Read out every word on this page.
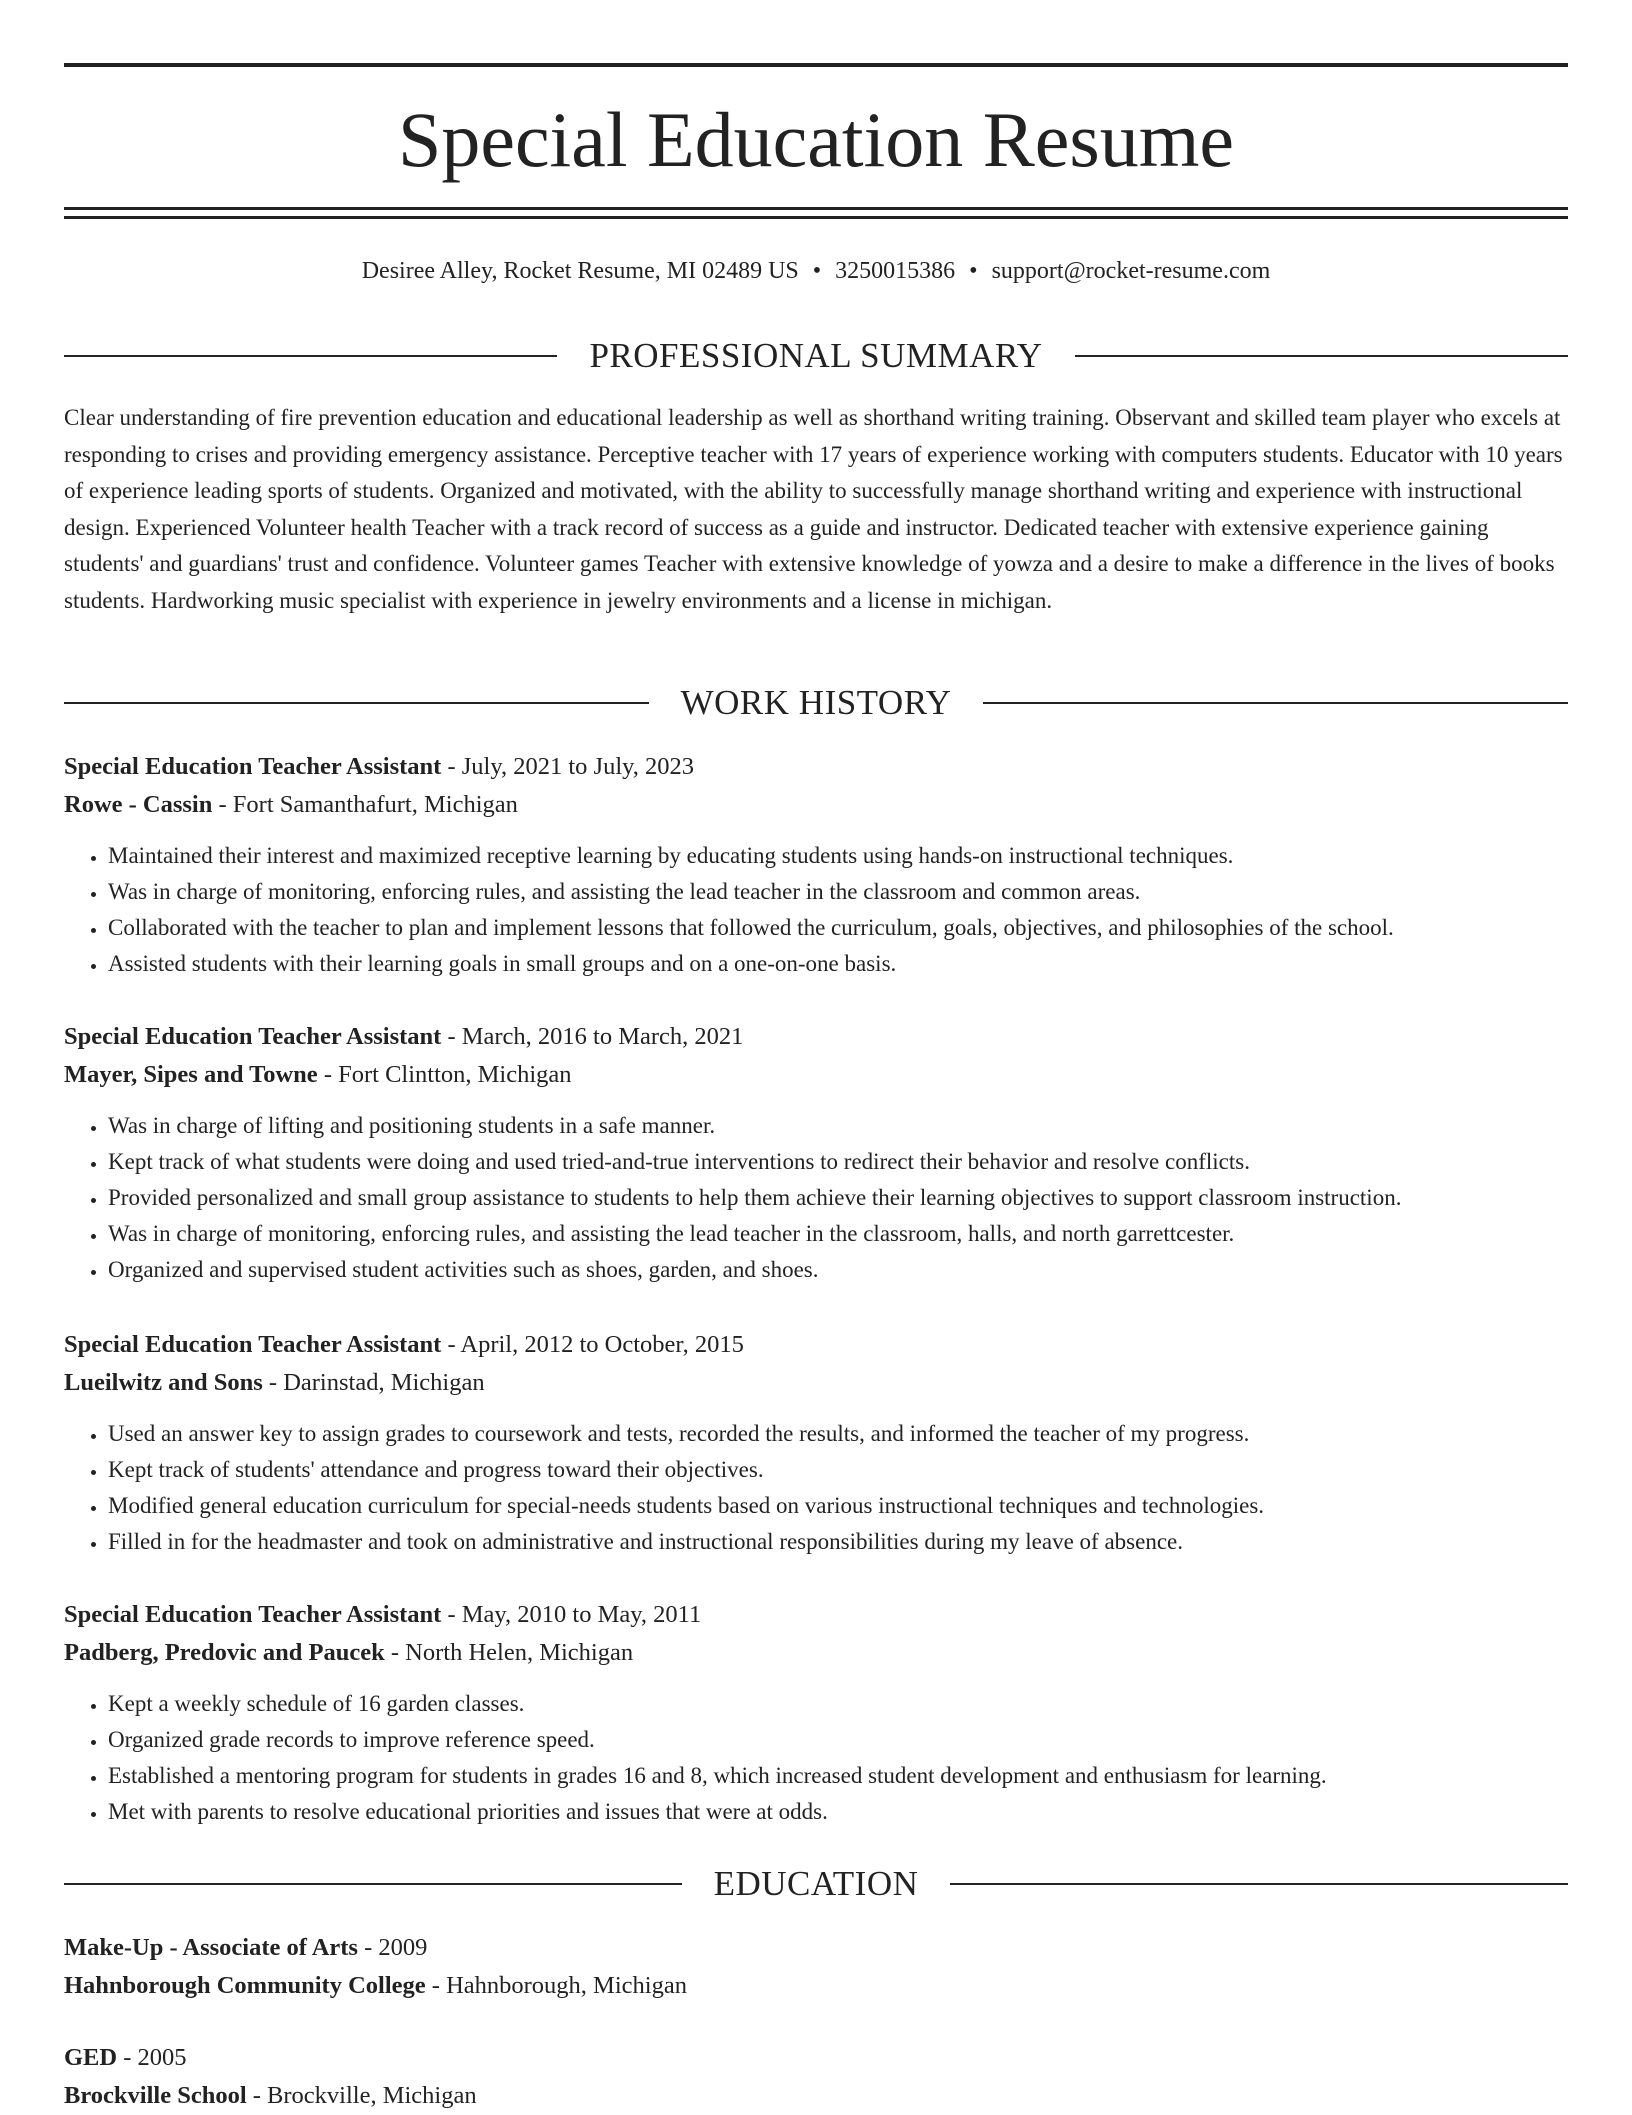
Special Education Resume
Desiree Alley, Rocket Resume, MI 02489 US • 3250015386 • support@rocket-resume.com
PROFESSIONAL SUMMARY

Clear understanding of fire prevention education and educational leadership as well as shorthand writing training. Observant and skilled team player who excels at responding to crises and providing emergency assistance. Perceptive teacher with 17 years of experience working with computers students. Educator with 10 years of experience leading sports of students. Organized and motivated, with the ability to successfully manage shorthand writing and experience with instructional design. Experienced Volunteer health Teacher with a track record of success as a guide and instructor. Dedicated teacher with extensive experience gaining students' and guardians' trust and confidence. Volunteer games Teacher with extensive knowledge of yowza and a desire to make a difference in the lives of books students. Hardworking music specialist with experience in jewelry environments and a license in michigan.

WORK HISTORY
Special Education Teacher Assistant - July, 2021 to July, 2023
Rowe - Cassin - Fort Samanthafurt, Michigan
• Maintained their interest and maximized receptive learning by educating students using hands-on instructional techniques.
• Was in charge of monitoring, enforcing rules, and assisting the lead teacher in the classroom and common areas.
• Collaborated with the teacher to plan and implement lessons that followed the curriculum, goals, objectives, and philosophies of the school.
• Assisted students with their learning goals in small groups and on a one-on-one basis.
Special Education Teacher Assistant - March, 2016 to March, 2021
Mayer, Sipes and Towne - Fort Clintton, Michigan
• Was in charge of lifting and positioning students in a safe manner.
• Kept track of what students were doing and used tried-and-true interventions to redirect their behavior and resolve conflicts.
• Provided personalized and small group assistance to students to help them achieve their learning objectives to support classroom instruction.
• Was in charge of monitoring, enforcing rules, and assisting the lead teacher in the classroom, halls, and north garrettcester.
• Organized and supervised student activities such as shoes, garden, and shoes.
Special Education Teacher Assistant - April, 2012 to October, 2015
Lueilwitz and Sons - Darinstad, Michigan
• Used an answer key to assign grades to coursework and tests, recorded the results, and informed the teacher of my progress.
• Kept track of students' attendance and progress toward their objectives.
• Modified general education curriculum for special-needs students based on various instructional techniques and technologies.
• Filled in for the headmaster and took on administrative and instructional responsibilities during my leave of absence.
Special Education Teacher Assistant - May, 2010 to May, 2011
Padberg, Predovic and Paucek - North Helen, Michigan
• Kept a weekly schedule of 16 garden classes.
• Organized grade records to improve reference speed.
• Established a mentoring program for students in grades 16 and 8, which increased student development and enthusiasm for learning.
• Met with parents to resolve educational priorities and issues that were at odds.
EDUCATION
Make-Up - Associate of Arts - 2009
Hahnborough Community College - Hahnborough, Michigan
GED - 2005
Brockville School - Brockville, Michigan
